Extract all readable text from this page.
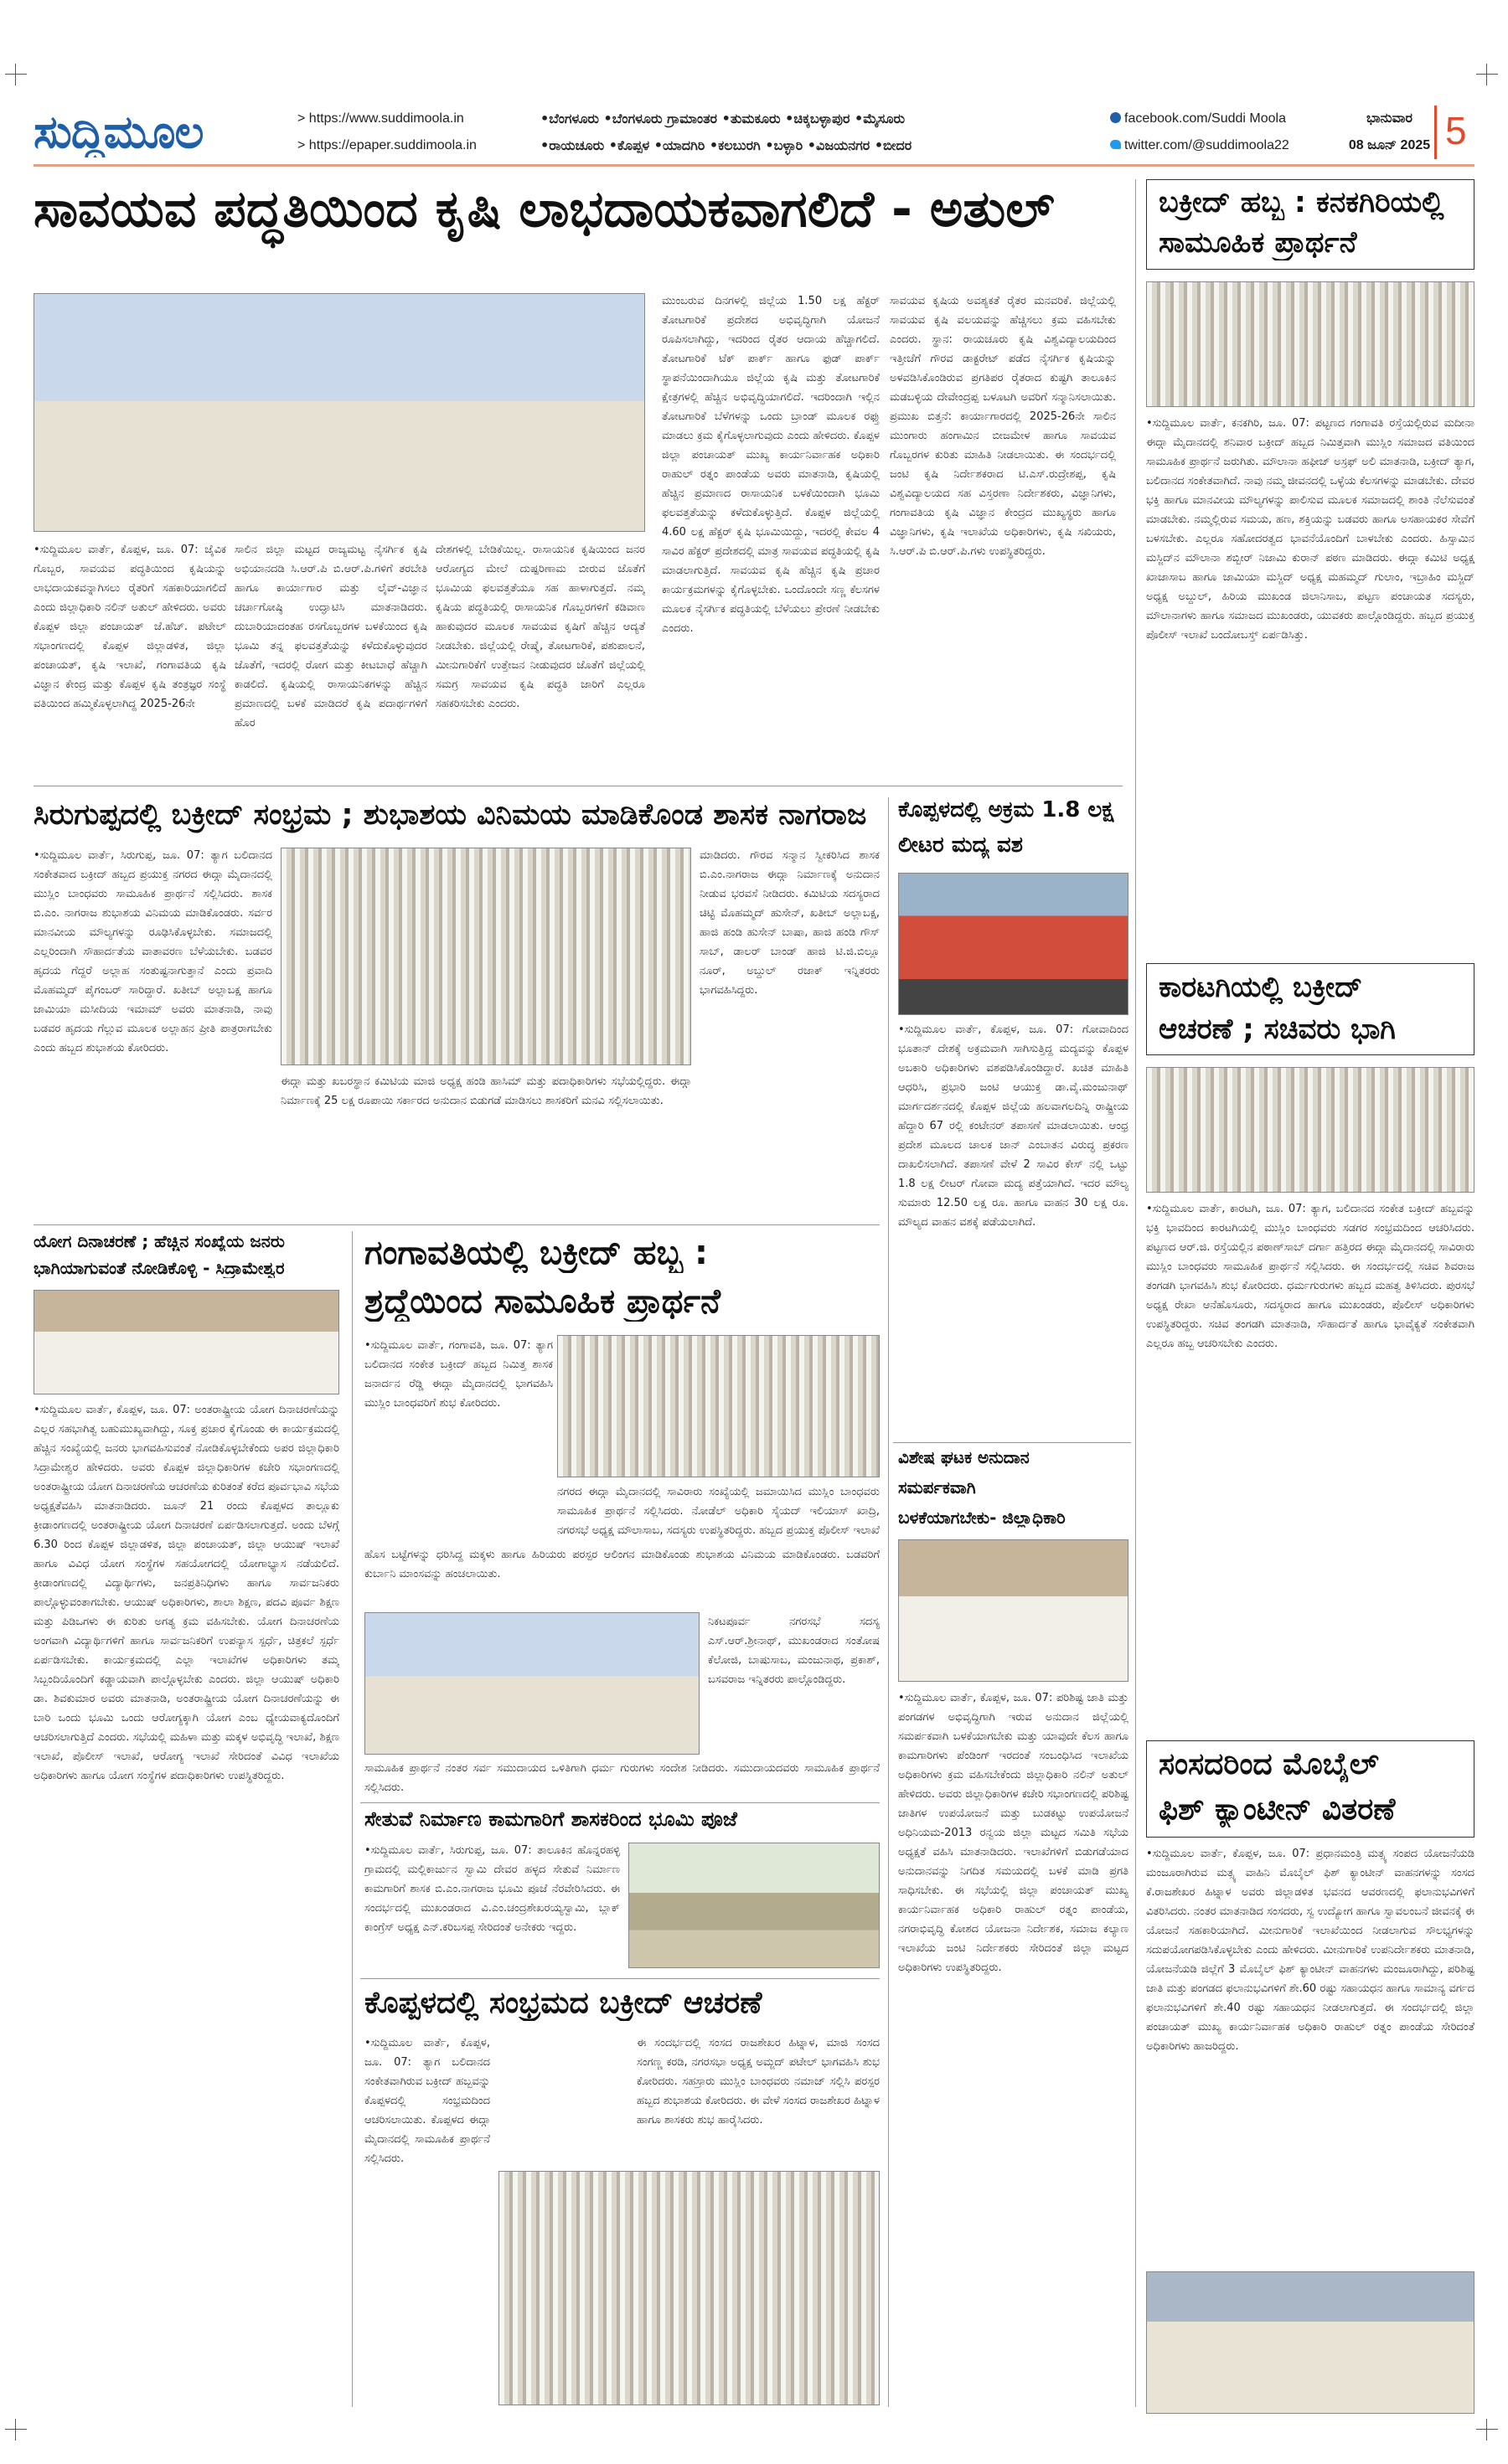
ಸುದ್ದಿಮೂಲ	> https://www.suddimoola.in
> https://epaper.suddimoola.in
•ಬೆಂಗಳೂರು •ಬೆಂಗಳೂರು ಗ್ರಾಮಾಂತರ •ತುಮಕೂರು •ಚಿಕ್ಕಬಳ್ಳಾಪುರ •ಮೈಸೂರು
•ರಾಯಚೂರು •ಕೊಪ್ಪಳ •ಯಾದಗಿರಿ •ಕಲಬುರಗಿ •ಬಳ್ಳಾರಿ •ವಿಜಯನಗರ •ಬೀದರ
facebook.com/Suddi Moola
twitter.com/@suddimoola22
ಭಾನುವಾರ
08 ಜೂನ್ 2025 5
ಸಾವಯವ ಪದ್ಧತಿಯಿಂದ ಕೃಷಿ ಲಾಭದಾಯಕವಾಗಲಿದೆ - ಅತುಲ್
•ಸುದ್ದಿಮೂಲ ವಾರ್ತೆ, ಕೊಪ್ಪಳ, ಜೂ. 07: ಜೈವಿಕ ಗೊಬ್ಬರ, ಸಾವಯವ ಪದ್ಧತಿಯಿಂದ ಕೃಷಿಯನ್ನು ಲಾಭದಾಯಕವನ್ನಾಗಿಸಲು ರೈತರಿಗೆ ಸಹಕಾರಿಯಾಗಲಿದೆ ಎಂದು ಜಿಲ್ಲಾಧಿಕಾರಿ ನಲಿನ್ ಅತುಲ್ ಹೇಳಿದರು. ಅವರು ಕೊಪ್ಪಳ ಜಿಲ್ಲಾ ಪಂಚಾಯತ್ ಜೆ.ಹೆಚ್. ಪಟೇಲ್ ಸಭಾಂಗಣದಲ್ಲಿ ಕೊಪ್ಪಳ ಜಿಲ್ಲಾಡಳಿತ, ಜಿಲ್ಲಾ ಪಂಚಾಯತ್, ಕೃಷಿ ಇಲಾಖೆ, ಗಂಗಾವತಿಯ ಕೃಷಿ ವಿಜ್ಞಾನ ಕೇಂದ್ರ ಮತ್ತು ಕೊಪ್ಪಳ ಕೃಷಿ ತಂತ್ರಜ್ಞರ ಸಂಸ್ಥೆ ವತಿಯಿಂದ ಹಮ್ಮಿಕೊಳ್ಳಲಾಗಿದ್ದ 2025-26ನೇ
ಸಾಲಿನ ಜಿಲ್ಲಾ ಮಟ್ಟದ ರಾಜ್ಯಮಟ್ಟ ನೈಸರ್ಗಿಕ ಕೃಷಿ ಅಭಿಯಾನದಡಿ ಸಿ.ಆರ್.ಪಿ ಬಿ.ಆರ್.ಪಿ.ಗಳಿಗೆ ತರಬೇತಿ ಹಾಗೂ ಕಾರ್ಯಾಗಾರ ಮತ್ತು ಲೈವ್-ವಿಜ್ಞಾನ ಚರ್ಚಾಗೋಷ್ಠಿ ಉದ್ಘಾಟಿಸಿ ಮಾತನಾಡಿದರು. ದುಬಾರಿಯಾದಂತಹ ರಸಗೊಬ್ಬರಗಳ ಬಳಕೆಯಿಂದ ಕೃಷಿ ಭೂಮಿ ತನ್ನ ಫಲವತ್ತತೆಯನ್ನು ಕಳೆದುಕೊಳ್ಳುವುದರ ಜೊತೆಗೆ, ಇದರಲ್ಲಿ ರೋಗ ಮತ್ತು ಕೀಟಬಾಧೆ ಹೆಚ್ಚಾಗಿ ಕಾಡಲಿದೆ. ಕೃಷಿಯಲ್ಲಿ ರಾಸಾಯನಿಕಗಳನ್ನು ಹೆಚ್ಚಿನ ಪ್ರಮಾಣದಲ್ಲಿ ಬಳಕೆ ಮಾಡಿದರೆ ಕೃಷಿ ಪದಾರ್ಥಗಳಿಗೆ ಹೊರ
ದೇಶಗಳಲ್ಲಿ ಬೇಡಿಕೆಯಿಲ್ಲ. ರಾಸಾಯನಿಕ ಕೃಷಿಯಿಂದ ಜನರ ಆರೋಗ್ಯದ ಮೇಲೆ ದುಷ್ಪರಿಣಾಮ ಬೀರುವ ಜೊತೆಗೆ ಭೂಮಿಯ ಫಲವತ್ತತೆಯೂ ಸಹ ಹಾಳಾಗುತ್ತದೆ. ನಮ್ಮ ಕೃಷಿಯ ಪದ್ಧತಿಯಲ್ಲಿ ರಾಸಾಯನಿಕ ಗೊಬ್ಬರಗಳಿಗೆ ಕಡಿವಾಣ ಹಾಕುವುದರ ಮೂಲಕ ಸಾವಯವ ಕೃಷಿಗೆ ಹೆಚ್ಚಿನ ಆದ್ಯತೆ ನೀಡಬೇಕು. ಜಿಲ್ಲೆಯಲ್ಲಿ ರೇಷ್ಮೆ, ತೋಟಗಾರಿಕೆ, ಪಶುಪಾಲನೆ, ಮೀನುಗಾರಿಕೆಗೆ ಉತ್ತೇಜನ ನೀಡುವುದರ ಜೊತೆಗೆ ಜಿಲ್ಲೆಯಲ್ಲಿ ಸಮಗ್ರ ಸಾವಯವ ಕೃಷಿ ಪದ್ಧತಿ ಜಾರಿಗೆ ಎಲ್ಲರೂ ಸಹಕರಿಸಬೇಕು ಎಂದರು.
ಮುಂಬರುವ ದಿನಗಳಲ್ಲಿ ಜಿಲ್ಲೆಯ 1.50 ಲಕ್ಷ ಹೆಕ್ಟರ್ ತೋಟಗಾರಿಕೆ ಪ್ರದೇಶದ ಅಭಿವೃದ್ಧಿಗಾಗಿ ಯೋಜನೆ ರೂಪಿಸಲಾಗಿದ್ದು, ಇದರಿಂದ ರೈತರ ಆದಾಯ ಹೆಚ್ಚಾಗಲಿದೆ. ತೋಟಗಾರಿಕೆ ಟೆಕ್ ಪಾರ್ಕ್ ಹಾಗೂ ಫುಡ್ ಪಾರ್ಕ್ ಸ್ಥಾಪನೆಯಿಂದಾಗಿಯೂ ಜಿಲ್ಲೆಯ ಕೃಷಿ ಮತ್ತು ತೋಟಗಾರಿಕೆ ಕ್ಷೇತ್ರಗಳಲ್ಲಿ ಹೆಚ್ಚಿನ ಅಭಿವೃದ್ಧಿಯಾಗಲಿದೆ. ಇದರಿಂದಾಗಿ ಇಲ್ಲಿನ ತೋಟಗಾರಿಕೆ ಬೆಳೆಗಳನ್ನು ಒಂದು ಬ್ರಾಂಡ್ ಮೂಲಕ ರಫ್ತು ಮಾಡಲು ಕ್ರಮ ಕೈಗೊಳ್ಳಲಾಗುವುದು ಎಂದು ಹೇಳಿದರು. ಕೊಪ್ಪಳ ಜಿಲ್ಲಾ ಪಂಚಾಯತ್ ಮುಖ್ಯ ಕಾರ್ಯನಿರ್ವಾಹಕ ಅಧಿಕಾರಿ ರಾಹುಲ್ ರತ್ನಂ ಪಾಂಡೆಯ ಅವರು ಮಾತನಾಡಿ, ಕೃಷಿಯಲ್ಲಿ ಹೆಚ್ಚಿನ ಪ್ರಮಾಣದ ರಾಸಾಯನಿಕ ಬಳಕೆಯಿಂದಾಗಿ ಭೂಮಿ ಫಲವತ್ತತೆಯನ್ನು ಕಳೆದುಕೊಳ್ಳುತ್ತಿದೆ. ಕೊಪ್ಪಳ ಜಿಲ್ಲೆಯಲ್ಲಿ 4.60 ಲಕ್ಷ ಹೆಕ್ಟರ್ ಕೃಷಿ ಭೂಮಿಯಿದ್ದು, ಇದರಲ್ಲಿ ಕೇವಲ 4 ಸಾವಿರ ಹೆಕ್ಟರ್ ಪ್ರದೇಶದಲ್ಲಿ ಮಾತ್ರ ಸಾವಯವ ಪದ್ಧತಿಯಲ್ಲಿ ಕೃಷಿ ಮಾಡಲಾಗುತ್ತಿದೆ. ಸಾವಯವ ಕೃಷಿ ಹೆಚ್ಚಿನ ಕೃಷಿ ಪ್ರಚಾರ ಕಾರ್ಯಕ್ರಮಗಳನ್ನು ಕೈಗೊಳ್ಳಬೇಕು. ಒಂದೊಂದೇ ಸಣ್ಣ ಕೆಲಸಗಳ ಮೂಲಕ ನೈಸರ್ಗಿಕ ಪದ್ಧತಿಯಲ್ಲಿ ಬೆಳೆಯಲು ಪ್ರೇರಣೆ ನೀಡಬೇಕು ಎಂದರು.
ಸಾವಯವ ಕೃಷಿಯ ಅವಶ್ಯಕತೆ ರೈತರ ಮನವರಿಕೆ. ಜಿಲ್ಲೆಯಲ್ಲಿ ಸಾವಯವ ಕೃಷಿ ವಲಯವನ್ನು ಹೆಚ್ಚಿಸಲು ಕ್ರಮ ವಹಿಸಬೇಕು ಎಂದರು. ಸ್ಥಾನ: ರಾಯಚೂರು ಕೃಷಿ ವಿಶ್ವವಿದ್ಯಾಲಯದಿಂದ ಇತ್ತೀಚೆಗೆ ಗೌರವ ಡಾಕ್ಟರೇಟ್ ಪಡೆದ ನೈಸರ್ಗಿಕ ಕೃಷಿಯನ್ನು ಅಳವಡಿಸಿಕೊಂಡಿರುವ ಪ್ರಗತಿಪರ ರೈತರಾದ ಕುಷ್ಟಗಿ ತಾಲೂಕಿನ ಮಡಬಳ್ಳಿಯ ದೇವೇಂದ್ರಪ್ಪ ಬಳೂಟಗಿ ಅವರಿಗೆ ಸನ್ಮಾನಿಸಲಾಯಿತು. ಪ್ರಮುಖ ಬಿತ್ತನೆ: ಕಾರ್ಯಾಗಾರದಲ್ಲಿ 2025-26ನೇ ಸಾಲಿನ ಮುಂಗಾರು ಹಂಗಾಮಿನ ಬೀಜಮೇಳ ಹಾಗೂ ಸಾವಯವ ಗೊಬ್ಬರಗಳ ಕುರಿತು ಮಾಹಿತಿ ನೀಡಲಾಯಿತು. ಈ ಸಂದರ್ಭದಲ್ಲಿ ಜಂಟಿ ಕೃಷಿ ನಿರ್ದೇಶಕರಾದ ಟಿ.ಎಸ್.ರುದ್ರೇಶಪ್ಪ, ಕೃಷಿ ವಿಶ್ವವಿದ್ಯಾಲಯದ ಸಹ ವಿಸ್ತರಣಾ ನಿರ್ದೇಶಕರು, ವಿಜ್ಞಾನಿಗಳು, ಗಂಗಾವತಿಯ ಕೃಷಿ ವಿಜ್ಞಾನ ಕೇಂದ್ರದ ಮುಖ್ಯಸ್ಥರು ಹಾಗೂ ವಿಜ್ಞಾನಿಗಳು, ಕೃಷಿ ಇಲಾಖೆಯ ಅಧಿಕಾರಿಗಳು, ಕೃಷಿ ಸಖಿಯರು, ಸಿ.ಆರ್.ಪಿ ಬಿ.ಆರ್.ಪಿ.ಗಳು ಉಪಸ್ಥಿತರಿದ್ದರು.
ಬಕ್ರೀದ್ ಹಬ್ಬ : ಕನಕಗಿರಿಯಲ್ಲಿ
ಸಾಮೂಹಿಕ ಪ್ರಾರ್ಥನೆ
•ಸುದ್ದಿಮೂಲ ವಾರ್ತೆ, ಕನಕಗಿರಿ, ಜೂ. 07: ಪಟ್ಟಣದ ಗಂಗಾವತಿ ರಸ್ತೆಯಲ್ಲಿರುವ ಮದೀನಾ ಈದ್ಗಾ ಮೈದಾನದಲ್ಲಿ ಶನಿವಾರ ಬಕ್ರೀದ್ ಹಬ್ಬದ ನಿಮಿತ್ತವಾಗಿ ಮುಸ್ಲಿಂ ಸಮಾಜದ ವತಿಯಿಂದ ಸಾಮೂಹಿಕ ಪ್ರಾರ್ಥನೆ ಜರುಗಿತು. ಮೌಲಾನಾ ಹಫೀಜ್ ಅಸ್ರಫ್ ಅಲಿ ಮಾತನಾಡಿ, ಬಕ್ರೀದ್ ತ್ಯಾಗ, ಬಲಿದಾನದ ಸಂಕೇತವಾಗಿದೆ. ನಾವು ನಮ್ಮ ಜೀವನದಲ್ಲಿ ಒಳ್ಳೆಯ ಕೆಲಸಗಳನ್ನು ಮಾಡಬೇಕು. ದೇವರ ಭಕ್ತಿ ಹಾಗೂ ಮಾನವೀಯ ಮೌಲ್ಯಗಳನ್ನು ಪಾಲಿಸುವ ಮೂಲಕ ಸಮಾಜದಲ್ಲಿ ಶಾಂತಿ ನೆಲೆಸುವಂತೆ ಮಾಡಬೇಕು. ನಮ್ಮಲ್ಲಿರುವ ಸಮಯ, ಹಣ, ಶಕ್ತಿಯನ್ನು ಬಡವರು ಹಾಗೂ ಅಸಹಾಯಕರ ಸೇವೆಗೆ ಬಳಸಬೇಕು. ಎಲ್ಲರೂ ಸಹೋದರತ್ವದ ಭಾವನೆಯೊಂದಿಗೆ ಬಾಳಬೇಕು ಎಂದರು. ಹಿಸ್ಸಾಮಿನ ಮಸ್ಜಿದ್‌ನ ಮೌಲಾನಾ ಶಬ್ಬೀರ್ ನಿಜಾಮಿ ಕುರಾನ್ ಪಠಣ ಮಾಡಿದರು. ಈದ್ಗಾ ಕಮಿಟಿ ಅಧ್ಯಕ್ಷ ಖಾಜಾಸಾಬ ಹಾಗೂ ಜಾಮಿಯಾ ಮಸ್ಜಿದ್ ಅಧ್ಯಕ್ಷ ಮಹಮ್ಮದ್ ಗುಲಾಂ, ಇಬ್ರಾಹಿಂ ಮಸ್ಜಿದ್ ಅಧ್ಯಕ್ಷ ಅಬ್ದುಲ್, ಹಿರಿಯ ಮುಖಂಡ ಜಿಲಾನಿಸಾಬ, ಪಟ್ಟಣ ಪಂಚಾಯತ ಸದಸ್ಯರು, ಮೌಲಾನಾಗಳು ಹಾಗೂ ಸಮಾಜದ ಮುಖಂಡರು, ಯುವಕರು ಪಾಲ್ಗೊಂಡಿದ್ದರು. ಹಬ್ಬದ ಪ್ರಯುಕ್ತ ಪೊಲೀಸ್ ಇಲಾಖೆ ಬಂದೋಬಸ್ತ್ ಏರ್ಪಡಿಸಿತ್ತು.
ಕಾರಟಗಿಯಲ್ಲಿ ಬಕ್ರೀದ್
ಆಚರಣೆ ; ಸಚಿವರು ಭಾಗಿ
•ಸುದ್ದಿಮೂಲ ವಾರ್ತೆ, ಕಾರಟಗಿ, ಜೂ. 07: ತ್ಯಾಗ, ಬಲಿದಾನದ ಸಂಕೇತ ಬಕ್ರೀದ್ ಹಬ್ಬವನ್ನು ಭಕ್ತಿ ಭಾವದಿಂದ ಕಾರಟಗಿಯಲ್ಲಿ ಮುಸ್ಲಿಂ ಬಾಂಧವರು ಸಡಗರ ಸಂಭ್ರಮದಿಂದ ಆಚರಿಸಿದರು. ಪಟ್ಟಣದ ಆರ್.ಜಿ. ರಸ್ತೆಯಲ್ಲಿನ ಪಠಾಣ್‌ಸಾಬ್ ದರ್ಗಾ ಹತ್ತಿರದ ಈದ್ಗಾ ಮೈದಾನದಲ್ಲಿ ಸಾವಿರಾರು ಮುಸ್ಲಿಂ ಬಾಂಧವರು ಸಾಮೂಹಿಕ ಪ್ರಾರ್ಥನೆ ಸಲ್ಲಿಸಿದರು. ಈ ಸಂದರ್ಭದಲ್ಲಿ ಸಚಿವ ಶಿವರಾಜ ತಂಗಡಗಿ ಭಾಗವಹಿಸಿ ಶುಭ ಕೋರಿದರು. ಧರ್ಮಗುರುಗಳು ಹಬ್ಬದ ಮಹತ್ವ ತಿಳಿಸಿದರು. ಪುರಸಭೆ ಅಧ್ಯಕ್ಷ ರೇಖಾ ಆನೆಹೊಸೂರು, ಸದಸ್ಯರಾದ ಹಾಗೂ ಮುಖಂಡರು, ಪೊಲೀಸ್ ಅಧಿಕಾರಿಗಳು ಉಪಸ್ಥಿತರಿದ್ದರು. ಸಚಿವ ತಂಗಡಗಿ ಮಾತನಾಡಿ, ಸೌಹಾರ್ದತೆ ಹಾಗೂ ಭಾವೈಕ್ಯತೆ ಸಂಕೇತವಾಗಿ ಎಲ್ಲರೂ ಹಬ್ಬ ಆಚರಿಸಬೇಕು ಎಂದರು.
ಸಂಸದರಿಂದ ಮೊಬೈಲ್
ಫಿಶ್ ಕ್ಯಾಂಟೀನ್ ವಿತರಣೆ
•ಸುದ್ದಿಮೂಲ ವಾರ್ತೆ, ಕೊಪ್ಪಳ, ಜೂ. 07: ಪ್ರಧಾನಮಂತ್ರಿ ಮತ್ಸ್ಯ ಸಂಪದ ಯೋಜನೆಯಡಿ ಮಂಜೂರಾಗಿರುವ ಮತ್ಸ್ಯ ವಾಹಿನಿ ಮೊಬೈಲ್ ಫಿಶ್ ಕ್ಯಾಂಟೀನ್ ವಾಹನಗಳನ್ನು ಸಂಸದ ಕೆ.ರಾಜಶೇಖರ ಹಿಟ್ನಾಳ ಅವರು ಜಿಲ್ಲಾಡಳಿತ ಭವನದ ಆವರಣದಲ್ಲಿ ಫಲಾನುಭವಿಗಳಿಗೆ ವಿತರಿಸಿದರು. ನಂತರ ಮಾತನಾಡಿದ ಸಂಸದರು, ಸ್ವ ಉದ್ಯೋಗ ಹಾಗೂ ಸ್ವಾವಲಂಬನೆ ಜೀವನಕ್ಕೆ ಈ ಯೋಜನೆ ಸಹಕಾರಿಯಾಗಿದೆ. ಮೀನುಗಾರಿಕೆ ಇಲಾಖೆಯಿಂದ ನೀಡಲಾಗುವ ಸೌಲಭ್ಯಗಳನ್ನು ಸದುಪಯೋಗಪಡಿಸಿಕೊಳ್ಳಬೇಕು ಎಂದು ಹೇಳಿದರು. ಮೀನುಗಾರಿಕೆ ಉಪನಿರ್ದೇಶಕರು ಮಾತನಾಡಿ, ಯೋಜನೆಯಡಿ ಜಿಲ್ಲೆಗೆ 3 ಮೊಬೈಲ್ ಫಿಶ್ ಕ್ಯಾಂಟೀನ್ ವಾಹನಗಳು ಮಂಜೂರಾಗಿದ್ದು, ಪರಿಶಿಷ್ಟ ಜಾತಿ ಮತ್ತು ಪಂಗಡದ ಫಲಾನುಭವಿಗಳಿಗೆ ಶೇ.60 ರಷ್ಟು ಸಹಾಯಧನ ಹಾಗೂ ಸಾಮಾನ್ಯ ವರ್ಗದ ಫಲಾನುಭವಿಗಳಿಗೆ ಶೇ.40 ರಷ್ಟು ಸಹಾಯಧನ ನೀಡಲಾಗುತ್ತದೆ. ಈ ಸಂದರ್ಭದಲ್ಲಿ ಜಿಲ್ಲಾ ಪಂಚಾಯತ್ ಮುಖ್ಯ ಕಾರ್ಯನಿರ್ವಾಹಕ ಅಧಿಕಾರಿ ರಾಹುಲ್ ರತ್ನಂ ಪಾಂಡೆಯ ಸೇರಿದಂತೆ ಅಧಿಕಾರಿಗಳು ಹಾಜರಿದ್ದರು.
ಸಿರುಗುಪ್ಪದಲ್ಲಿ ಬಕ್ರೀದ್ ಸಂಭ್ರಮ ; ಶುಭಾಶಯ ವಿನಿಮಯ ಮಾಡಿಕೊಂಡ ಶಾಸಕ ನಾಗರಾಜ
•ಸುದ್ದಿಮೂಲ ವಾರ್ತೆ, ಸಿರುಗುಪ್ಪ, ಜೂ. 07: ತ್ಯಾಗ ಬಲಿದಾನದ ಸಂಕೇತವಾದ ಬಕ್ರೀದ್ ಹಬ್ಬದ ಪ್ರಯುಕ್ತ ನಗರದ ಈದ್ಗಾ ಮೈದಾನದಲ್ಲಿ ಮುಸ್ಲಿಂ ಬಾಂಧವರು ಸಾಮೂಹಿಕ ಪ್ರಾರ್ಥನೆ ಸಲ್ಲಿಸಿದರು. ಶಾಸಕ ಬಿ.ಎಂ. ನಾಗರಾಜ ಶುಭಾಶಯ ವಿನಿಮಯ ಮಾಡಿಕೊಂಡರು. ಸರ್ವರ ಮಾನವೀಯ ಮೌಲ್ಯಗಳನ್ನು ರೂಢಿಸಿಕೊಳ್ಳಬೇಕು. ಸಮಾಜದಲ್ಲಿ ಎಲ್ಲರಿಂದಾಗಿ ಸೌಹಾರ್ದತೆಯ ವಾತಾವರಣ ಬೆಳೆಯಬೇಕು. ಬಡವರ ಹೃದಯ ಗೆದ್ದರೆ ಅಲ್ಲಾಹ ಸಂತುಷ್ಟನಾಗುತ್ತಾನೆ ಎಂದು ಪ್ರವಾದಿ ಮೊಹಮ್ಮದ್ ಪೈಗಂಬರ್ ಸಾರಿದ್ದಾರೆ. ಖತೀಬ್ ಅಲ್ಲಾಬಕ್ಷ ಹಾಗೂ ಜಾಮಿಯಾ ಮಸೀದಿಯ ಇಮಾಮ್ ಅವರು ಮಾತನಾಡಿ, ನಾವು ಬಡವರ ಹೃದಯ ಗೆಲ್ಲುವ ಮೂಲಕ ಅಲ್ಲಾಹನ ಪ್ರೀತಿ ಪಾತ್ರರಾಗಬೇಕು ಎಂದು ಹಬ್ಬದ ಶುಭಾಶಯ ಕೋರಿದರು.
ಈದ್ಗಾ ಮತ್ತು ಖಬರಸ್ಥಾನ ಕಮಿಟಿಯ ಮಾಜಿ ಅಧ್ಯಕ್ಷ ಹಂಡಿ ಹಾಸಿಮ್ ಮತ್ತು ಪದಾಧಿಕಾರಿಗಳು ಸಭೆಯಲ್ಲಿದ್ದರು. ಈದ್ಗಾ ನಿರ್ಮಾಣಕ್ಕೆ 25 ಲಕ್ಷ ರೂಪಾಯಿ ಸರ್ಕಾರದ ಅನುದಾನ ಬಿಡುಗಡೆ ಮಾಡಿಸಲು ಶಾಸಕರಿಗೆ ಮನವಿ ಸಲ್ಲಿಸಲಾಯಿತು.
ಮಾಡಿದರು. ಗೌರವ ಸನ್ಮಾನ ಸ್ವೀಕರಿಸಿದ ಶಾಸಕ ಬಿ.ಎಂ.ನಾಗರಾಜ ಈದ್ಗಾ ನಿರ್ಮಾಣಕ್ಕೆ ಅನುದಾನ ನೀಡುವ ಭರವಸೆ ನೀಡಿದರು. ಕಮಿಟಿಯ ಸದಸ್ಯರಾದ ಚಿಟ್ಟಿ ಮೊಹಮ್ಮದ್ ಹುಸೇನ್, ಖತೀಬ್ ಅಲ್ಲಾಬಕ್ಷ, ಹಾಜಿ ಹಂಡಿ ಹುಸೇನ್ ಬಾಷಾ, ಹಾಜಿ ಹಂಡಿ ಗೌಸ್ ಸಾಬ್, ಡಾಲರ್ ಬಾಂಡ್ ಹಾಜಿ ಟಿ.ಜಿ.ಬಿಲ್ಲೂ ನೂರ್, ಅಬ್ದುಲ್ ರಜಾಕ್ ಇನ್ನಿತರರು ಭಾಗವಹಿಸಿದ್ದರು.
ಕೊಪ್ಪಳದಲ್ಲಿ ಅಕ್ರಮ 1.8 ಲಕ್ಷ
ಲೀಟರ ಮದ್ಯ ವಶ
•ಸುದ್ದಿಮೂಲ ವಾರ್ತೆ, ಕೊಪ್ಪಳ, ಜೂ. 07: ಗೋವಾದಿಂದ ಭೂತಾನ್ ದೇಶಕ್ಕೆ ಅಕ್ರಮವಾಗಿ ಸಾಗಿಸುತ್ತಿದ್ದ ಮದ್ಯವನ್ನು ಕೊಪ್ಪಳ ಅಬಕಾರಿ ಅಧಿಕಾರಿಗಳು ವಶಪಡಿಸಿಕೊಂಡಿದ್ದಾರೆ. ಖಚಿತ ಮಾಹಿತಿ ಆಧರಿಸಿ, ಪ್ರಭಾರಿ ಜಂಟಿ ಆಯುಕ್ತ ಡಾ.ವೈ.ಮಂಜುನಾಥ್ ಮಾರ್ಗದರ್ಶನದಲ್ಲಿ ಕೊಪ್ಪಳ ಜಿಲ್ಲೆಯ ಹಲವಾಗಲದಿನ್ನಿ ರಾಷ್ಟ್ರೀಯ ಹೆದ್ದಾರಿ 67 ರಲ್ಲಿ ಕಂಟೇನರ್ ತಪಾಸಣೆ ಮಾಡಲಾಯಿತು. ಆಂಧ್ರ ಪ್ರದೇಶ ಮೂಲದ ಚಾಲಕ ಜಾನ್ ಎಂಬಾತನ ವಿರುದ್ಧ ಪ್ರಕರಣ ದಾಖಲಿಸಲಾಗಿದೆ. ತಪಾಸಣೆ ವೇಳೆ 2 ಸಾವಿರ ಕೇಸ್ ನಲ್ಲಿ ಒಟ್ಟು 1.8 ಲಕ್ಷ ಲೀಟರ್ ಗೋವಾ ಮದ್ಯ ಪತ್ತೆಯಾಗಿದೆ. ಇದರ ಮೌಲ್ಯ ಸುಮಾರು 12.50 ಲಕ್ಷ ರೂ. ಹಾಗೂ ವಾಹನ 30 ಲಕ್ಷ ರೂ. ಮೌಲ್ಯದ ವಾಹನ ವಶಕ್ಕೆ ಪಡೆಯಲಾಗಿದೆ.
ವಿಶೇಷ ಘಟಕ ಅನುದಾನ
ಸಮರ್ಪಕವಾಗಿ
ಬಳಕೆಯಾಗಬೇಕು- ಜಿಲ್ಲಾಧಿಕಾರಿ
•ಸುದ್ದಿಮೂಲ ವಾರ್ತೆ, ಕೊಪ್ಪಳ, ಜೂ. 07: ಪರಿಶಿಷ್ಟ ಜಾತಿ ಮತ್ತು ಪಂಗಡಗಳ ಅಭಿವೃದ್ಧಿಗಾಗಿ ಇರುವ ಅನುದಾನ ಜಿಲ್ಲೆಯಲ್ಲಿ ಸಮರ್ಪಕವಾಗಿ ಬಳಕೆಯಾಗಬೇಕು ಮತ್ತು ಯಾವುದೇ ಕೆಲಸ ಹಾಗೂ ಕಾಮಗಾರಿಗಳು ಪೆಂಡಿಂಗ್ ಇರದಂತೆ ಸಂಬಂಧಿಸಿದ ಇಲಾಖೆಯ ಅಧಿಕಾರಿಗಳು ಕ್ರಮ ವಹಿಸಬೇಕೆಂದು ಜಿಲ್ಲಾಧಿಕಾರಿ ನಲಿನ್ ಅತುಲ್ ಹೇಳಿದರು. ಅವರು ಜಿಲ್ಲಾಧಿಕಾರಿಗಳ ಕಚೇರಿ ಸಭಾಂಗಣದಲ್ಲಿ ಪರಿಶಿಷ್ಟ ಜಾತಿಗಳ ಉಪಯೋಜನೆ ಮತ್ತು ಬುಡಕಟ್ಟು ಉಪಯೋಜನೆ ಅಧಿನಿಯಮ-2013 ರನ್ವಯ ಜಿಲ್ಲಾ ಮಟ್ಟದ ಸಮಿತಿ ಸಭೆಯ ಅಧ್ಯಕ್ಷತೆ ವಹಿಸಿ ಮಾತನಾಡಿದರು. ಇಲಾಖೆಗಳಿಗೆ ಬಿಡುಗಡೆಯಾದ ಅನುದಾನವನ್ನು ನಿಗದಿತ ಸಮಯದಲ್ಲಿ ಬಳಕೆ ಮಾಡಿ ಪ್ರಗತಿ ಸಾಧಿಸಬೇಕು. ಈ ಸಭೆಯಲ್ಲಿ ಜಿಲ್ಲಾ ಪಂಚಾಯತ್ ಮುಖ್ಯ ಕಾರ್ಯನಿರ್ವಾಹಕ ಅಧಿಕಾರಿ ರಾಹುಲ್ ರತ್ನಂ ಪಾಂಡೆಯ, ನಗರಾಭಿವೃದ್ಧಿ ಕೋಶದ ಯೋಜನಾ ನಿರ್ದೇಶಕ, ಸಮಾಜ ಕಲ್ಯಾಣ ಇಲಾಖೆಯ ಜಂಟಿ ನಿರ್ದೇಶಕರು ಸೇರಿದಂತೆ ಜಿಲ್ಲಾ ಮಟ್ಟದ ಅಧಿಕಾರಿಗಳು ಉಪಸ್ಥಿತರಿದ್ದರು.
ಯೋಗ ದಿನಾಚರಣೆ ; ಹೆಚ್ಚಿನ ಸಂಖ್ಯೆಯ ಜನರು
ಭಾಗಿಯಾಗುವಂತೆ ನೋಡಿಕೊಳ್ಳಿ - ಸಿದ್ರಾಮೇಶ್ವರ
•ಸುದ್ದಿಮೂಲ ವಾರ್ತೆ, ಕೊಪ್ಪಳ, ಜೂ. 07: ಅಂತರಾಷ್ಟ್ರೀಯ ಯೋಗ ದಿನಾಚರಣೆಯನ್ನು ಎಲ್ಲರ ಸಹಭಾಗಿತ್ವ ಬಹುಮುಖ್ಯವಾಗಿದ್ದು, ಸೂಕ್ತ ಪ್ರಚಾರ ಕೈಗೊಂಡು ಈ ಕಾರ್ಯಕ್ರಮದಲ್ಲಿ ಹೆಚ್ಚಿನ ಸಂಖ್ಯೆಯಲ್ಲಿ ಜನರು ಭಾಗವಹಿಸುವಂತೆ ನೋಡಿಕೊಳ್ಳಬೇಕೆಂದು ಅಪರ ಜಿಲ್ಲಾಧಿಕಾರಿ ಸಿದ್ರಾಮೇಶ್ವರ ಹೇಳಿದರು. ಅವರು ಕೊಪ್ಪಳ ಜಿಲ್ಲಾಧಿಕಾರಿಗಳ ಕಚೇರಿ ಸಭಾಂಗಣದಲ್ಲಿ ಅಂತರಾಷ್ಟ್ರೀಯ ಯೋಗ ದಿನಾಚರಣೆಯ ಆಚರಣೆಯ ಕುರಿತಂತೆ ಕರೆದ ಪೂರ್ವಭಾವಿ ಸಭೆಯ ಅಧ್ಯಕ್ಷತೆವಹಿಸಿ ಮಾತನಾಡಿದರು. ಜೂನ್ 21 ರಂದು ಕೊಪ್ಪಳದ ತಾಲ್ಲೂಕು ಕ್ರೀಡಾಂಗಣದಲ್ಲಿ ಅಂತರಾಷ್ಟ್ರೀಯ ಯೋಗ ದಿನಾಚರಣೆ ಏರ್ಪಡಿಸಲಾಗುತ್ತದೆ. ಅಂದು ಬೆಳಗ್ಗೆ 6.30 ರಿಂದ ಕೊಪ್ಪಳ ಜಿಲ್ಲಾಡಳಿತ, ಜಿಲ್ಲಾ ಪಂಚಾಯತ್, ಜಿಲ್ಲಾ ಆಯುಷ್ ಇಲಾಖೆ ಹಾಗೂ ವಿವಿಧ ಯೋಗ ಸಂಸ್ಥೆಗಳ ಸಹಯೋಗದಲ್ಲಿ ಯೋಗಾಭ್ಯಾಸ ನಡೆಯಲಿದೆ. ಕ್ರೀಡಾಂಗಣದಲ್ಲಿ ವಿದ್ಯಾರ್ಥಿಗಳು, ಜನಪ್ರತಿನಿಧಿಗಳು ಹಾಗೂ ಸಾರ್ವಜನಿಕರು ಪಾಲ್ಗೊಳ್ಳುವಂತಾಗಬೇಕು. ಆಯುಷ್ ಅಧಿಕಾರಿಗಳು, ಶಾಲಾ ಶಿಕ್ಷಣ, ಪದವಿ ಪೂರ್ವ ಶಿಕ್ಷಣ ಮತ್ತು ಪಿಡಿಒಗಳು ಈ ಕುರಿತು ಅಗತ್ಯ ಕ್ರಮ ವಹಿಸಬೇಕು. ಯೋಗ ದಿನಾಚರಣೆಯ ಅಂಗವಾಗಿ ವಿದ್ಯಾರ್ಥಿಗಳಿಗೆ ಹಾಗೂ ಸಾರ್ವಜನಿಕರಿಗೆ ಉಪನ್ಯಾಸ ಸ್ಪರ್ಧೆ, ಚಿತ್ರಕಲೆ ಸ್ಪರ್ಧೆ ಏರ್ಪಡಿಸಬೇಕು. ಕಾರ್ಯಕ್ರಮದಲ್ಲಿ ಎಲ್ಲಾ ಇಲಾಖೆಗಳ ಅಧಿಕಾರಿಗಳು ತಮ್ಮ ಸಿಬ್ಬಂದಿಯೊಂದಿಗೆ ಕಡ್ಡಾಯವಾಗಿ ಪಾಲ್ಗೊಳ್ಳಬೇಕು ಎಂದರು. ಜಿಲ್ಲಾ ಆಯುಷ್ ಅಧಿಕಾರಿ ಡಾ. ಶಿವಕುಮಾರ ಅವರು ಮಾತನಾಡಿ, ಅಂತರಾಷ್ಟ್ರೀಯ ಯೋಗ ದಿನಾಚರಣೆಯನ್ನು ಈ ಬಾರಿ ಒಂದು ಭೂಮಿ ಒಂದು ಆರೋಗ್ಯಕ್ಕಾಗಿ ಯೋಗ ಎಂಬ ಧ್ಯೇಯವಾಕ್ಯದೊಂದಿಗೆ ಆಚರಿಸಲಾಗುತ್ತಿದೆ ಎಂದರು. ಸಭೆಯಲ್ಲಿ ಮಹಿಳಾ ಮತ್ತು ಮಕ್ಕಳ ಅಭಿವೃದ್ಧಿ ಇಲಾಖೆ, ಶಿಕ್ಷಣ ಇಲಾಖೆ, ಪೊಲೀಸ್ ಇಲಾಖೆ, ಆರೋಗ್ಯ ಇಲಾಖೆ ಸೇರಿದಂತೆ ವಿವಿಧ ಇಲಾಖೆಯ ಅಧಿಕಾರಿಗಳು ಹಾಗೂ ಯೋಗ ಸಂಸ್ಥೆಗಳ ಪದಾಧಿಕಾರಿಗಳು ಉಪಸ್ಥಿತರಿದ್ದರು.
ಗಂಗಾವತಿಯಲ್ಲಿ ಬಕ್ರೀದ್ ಹಬ್ಬ :
ಶ್ರದ್ಧೆಯಿಂದ ಸಾಮೂಹಿಕ ಪ್ರಾರ್ಥನೆ
•ಸುದ್ದಿಮೂಲ ವಾರ್ತೆ, ಗಂಗಾವತಿ, ಜೂ. 07: ತ್ಯಾಗ ಬಲಿದಾನದ ಸಂಕೇತ ಬಕ್ರೀದ್ ಹಬ್ಬದ ನಿಮಿತ್ತ ಶಾಸಕ ಜನಾರ್ದನ ರೆಡ್ಡಿ ಈದ್ಗಾ ಮೈದಾನದಲ್ಲಿ ಭಾಗವಹಿಸಿ ಮುಸ್ಲಿಂ ಬಾಂಧವರಿಗೆ ಶುಭ ಕೋರಿದರು.
ನಗರದ ಈದ್ಗಾ ಮೈದಾನದಲ್ಲಿ ಸಾವಿರಾರು ಸಂಖ್ಯೆಯಲ್ಲಿ ಜಮಾಯಿಸಿದ ಮುಸ್ಲಿಂ ಬಾಂಧವರು ಸಾಮೂಹಿಕ ಪ್ರಾರ್ಥನೆ ಸಲ್ಲಿಸಿದರು. ನೋಡೆಲ್ ಅಧಿಕಾರಿ ಸೈಯದ್ ಇಲಿಯಾಸ್ ಖಾದ್ರಿ, ನಗರಸಭೆ ಅಧ್ಯಕ್ಷ ಮೌಲಾಸಾಬ, ಸದಸ್ಯರು ಉಪಸ್ಥಿತರಿದ್ದರು. ಹಬ್ಬದ ಪ್ರಯುಕ್ತ ಪೊಲೀಸ್ ಇಲಾಖೆ
ಹೊಸ ಬಟ್ಟೆಗಳನ್ನು ಧರಿಸಿದ್ದ ಮಕ್ಕಳು ಹಾಗೂ ಹಿರಿಯರು ಪರಸ್ಪರ ಆಲಿಂಗನ ಮಾಡಿಕೊಂಡು ಶುಭಾಶಯ ವಿನಿಮಯ ಮಾಡಿಕೊಂಡರು. ಬಡವರಿಗೆ ಕುರ್ಬಾನಿ ಮಾಂಸವನ್ನು ಹಂಚಲಾಯಿತು.
ನಿಕಟಪೂರ್ವ ನಗರಸಭೆ ಸದಸ್ಯ ಎಸ್.ಆರ್.ಶ್ರೀನಾಥ್, ಮುಖಂಡರಾದ ಸಂತೋಷ ಕೆಲೋಜಿ, ಬಾಷುಸಾಬ, ಮಂಜುನಾಥ, ಪ್ರಕಾಶ್, ಬಸವರಾಜ ಇನ್ನಿತರರು ಪಾಲ್ಗೊಂಡಿದ್ದರು.
ಸಾಮೂಹಿಕ ಪ್ರಾರ್ಥನೆ ನಂತರ ಸರ್ವ ಸಮುದಾಯದ ಒಳಿತಿಗಾಗಿ ಧರ್ಮ ಗುರುಗಳು ಸಂದೇಶ ನೀಡಿದರು. ಸಮುದಾಯದವರು ಸಾಮೂಹಿಕ ಪ್ರಾರ್ಥನೆ ಸಲ್ಲಿಸಿದರು.
ಸೇತುವೆ ನಿರ್ಮಾಣ ಕಾಮಗಾರಿಗೆ ಶಾಸಕರಿಂದ ಭೂಮಿ ಪೂಜೆ
•ಸುದ್ದಿಮೂಲ ವಾರ್ತೆ, ಸಿರುಗುಪ್ಪ, ಜೂ. 07: ತಾಲೂಕಿನ ಹೊನ್ನರಹಳ್ಳಿ ಗ್ರಾಮದಲ್ಲಿ ಮಲ್ಲಿಕಾರ್ಜುನ ಸ್ವಾಮಿ ದೇವರ ಹಳ್ಳದ ಸೇತುವೆ ನಿರ್ಮಾಣ ಕಾಮಗಾರಿಗೆ ಶಾಸಕ ಬಿ.ಎಂ.ನಾಗರಾಜ ಭೂಮಿ ಪೂಜೆ ನೆರವೇರಿಸಿದರು. ಈ ಸಂದರ್ಭದಲ್ಲಿ ಮುಖಂಡರಾದ ವಿ.ಎಂ.ಚಂದ್ರಶೇಖರಯ್ಯಸ್ವಾಮಿ, ಬ್ಲಾಕ್ ಕಾಂಗ್ರೆಸ್ ಅಧ್ಯಕ್ಷ ಎನ್.ಕರಿಬಸಪ್ಪ ಸೇರಿದಂತೆ ಅನೇಕರು ಇದ್ದರು.
ಕೊಪ್ಪಳದಲ್ಲಿ ಸಂಭ್ರಮದ ಬಕ್ರೀದ್ ಆಚರಣೆ
•ಸುದ್ದಿಮೂಲ ವಾರ್ತೆ, ಕೊಪ್ಪಳ, ಜೂ. 07: ತ್ಯಾಗ ಬಲಿದಾನದ ಸಂಕೇತವಾಗಿರುವ ಬಕ್ರೀದ್ ಹಬ್ಬವನ್ನು ಕೊಪ್ಪಳದಲ್ಲಿ ಸಂಭ್ರಮದಿಂದ ಆಚರಿಸಲಾಯಿತು. ಕೊಪ್ಪಳದ ಈದ್ಗಾ ಮೈದಾನದಲ್ಲಿ ಸಾಮೂಹಿಕ ಪ್ರಾರ್ಥನೆ ಸಲ್ಲಿಸಿದರು.
ಈ ಸಂದರ್ಭದಲ್ಲಿ ಸಂಸದ ರಾಜಶೇಖರ ಹಿಟ್ನಾಳ, ಮಾಜಿ ಸಂಸದ ಸಂಗಣ್ಣ ಕರಡಿ, ನಗರಸಭಾ ಅಧ್ಯಕ್ಷ ಅಮ್ಜದ್ ಪಟೇಲ್ ಭಾಗವಹಿಸಿ ಶುಭ ಕೋರಿದರು. ಸಹಸ್ರಾರು ಮುಸ್ಲಿಂ ಬಾಂಧವರು ನಮಾಜ್ ಸಲ್ಲಿಸಿ ಪರಸ್ಪರ ಹಬ್ಬದ ಶುಭಾಶಯ ಕೋರಿದರು. ಈ ವೇಳೆ ಸಂಸದ ರಾಜಶೇಖರ ಹಿಟ್ನಾಳ ಹಾಗೂ ಶಾಸಕರು ಶುಭ ಹಾರೈಸಿದರು.
